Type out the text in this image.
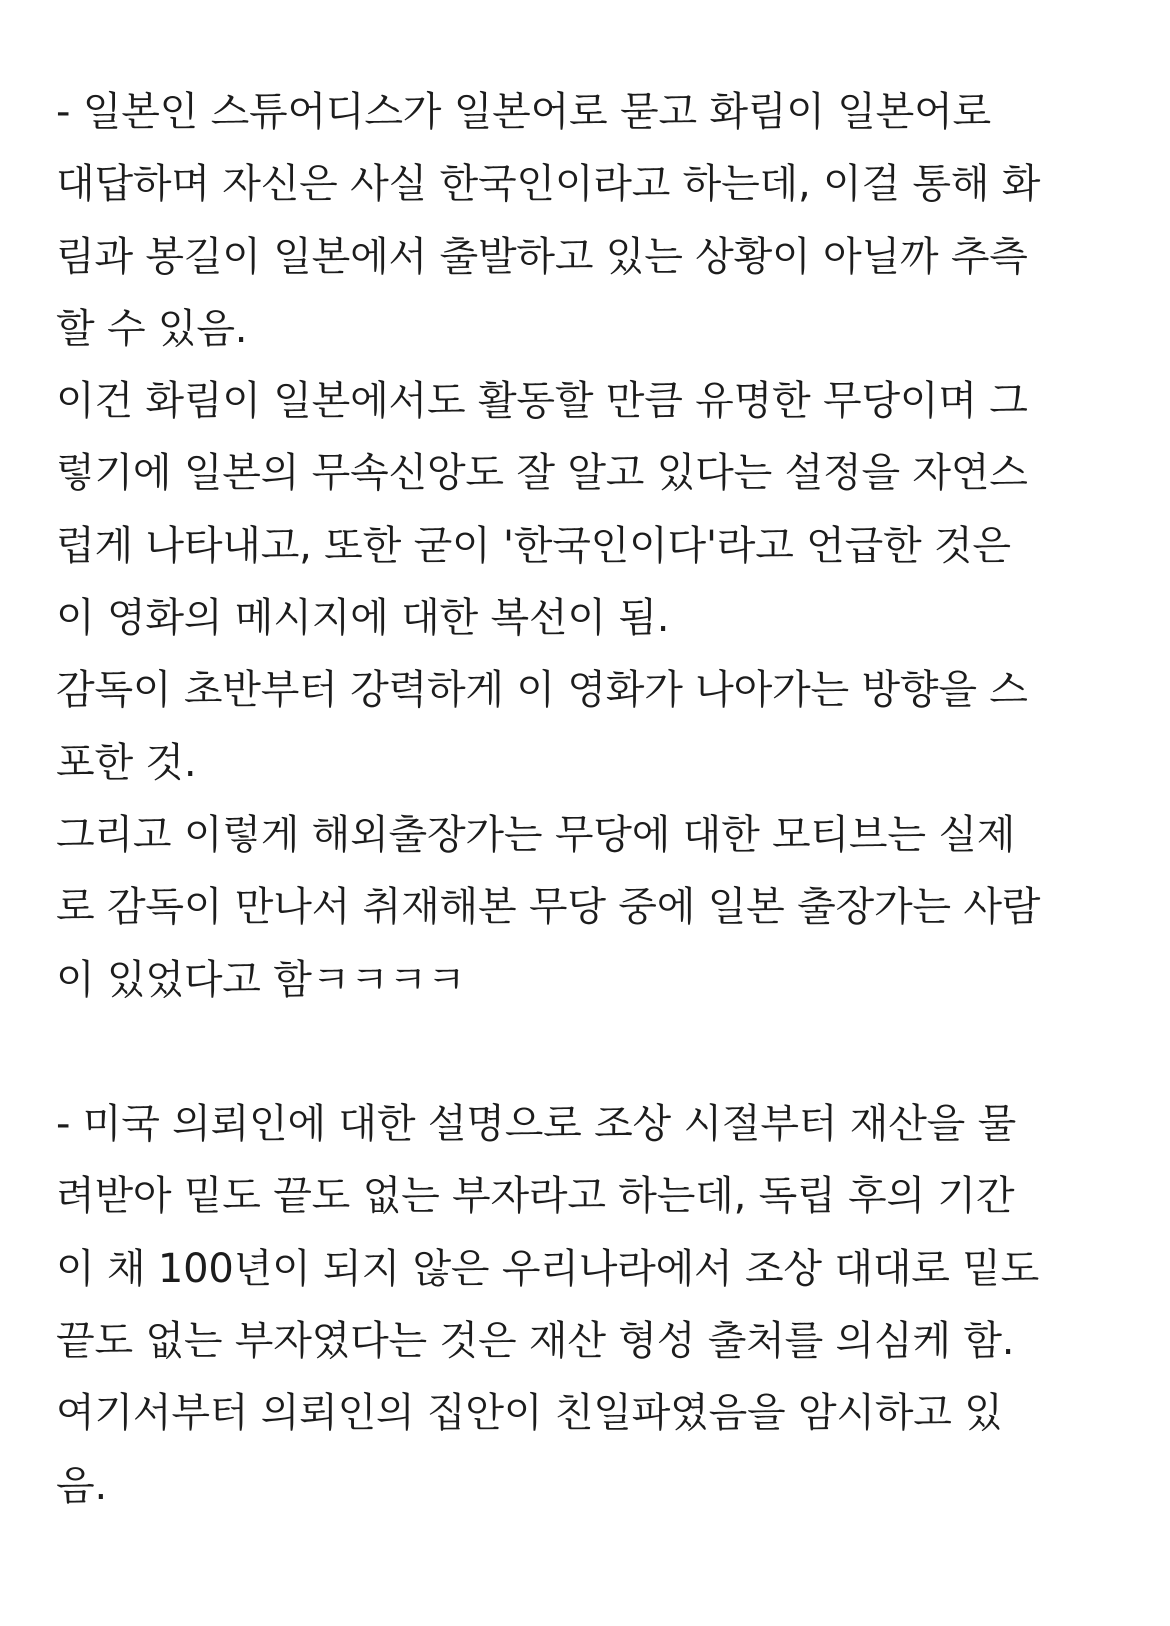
- 일본인 스튜어디스가 일본어로 묻고 화림이 일본어로
대답하며 자신은 사실 한국인이라고 하는데, 이걸 통해 화
림과 봉길이 일본에서 출발하고 있는 상황이 아닐까 추측
할 수 있음.
이건 화림이 일본에서도 활동할 만큼 유명한 무당이며 그
렇기에 일본의 무속신앙도 잘 알고 있다는 설정을 자연스
럽게 나타내고, 또한 굳이 '한국인이다'라고 언급한 것은
이 영화의 메시지에 대한 복선이 됨.
감독이 초반부터 강력하게 이 영화가 나아가는 방향을 스
포한 것.
그리고 이렇게 해외출장가는 무당에 대한 모티브는 실제
로 감독이 만나서 취재해본 무당 중에 일본 출장가는 사람
이 있었다고 함ㅋㅋㅋㅋ
- 미국 의뢰인에 대한 설명으로 조상 시절부터 재산을 물
려받아 밑도 끝도 없는 부자라고 하는데, 독립 후의 기간
이 채 100년이 되지 않은 우리나라에서 조상 대대로 밑도
끝도 없는 부자였다는 것은 재산 형성 출처를 의심케 함.
여기서부터 의뢰인의 집안이 친일파였음을 암시하고 있
음.
